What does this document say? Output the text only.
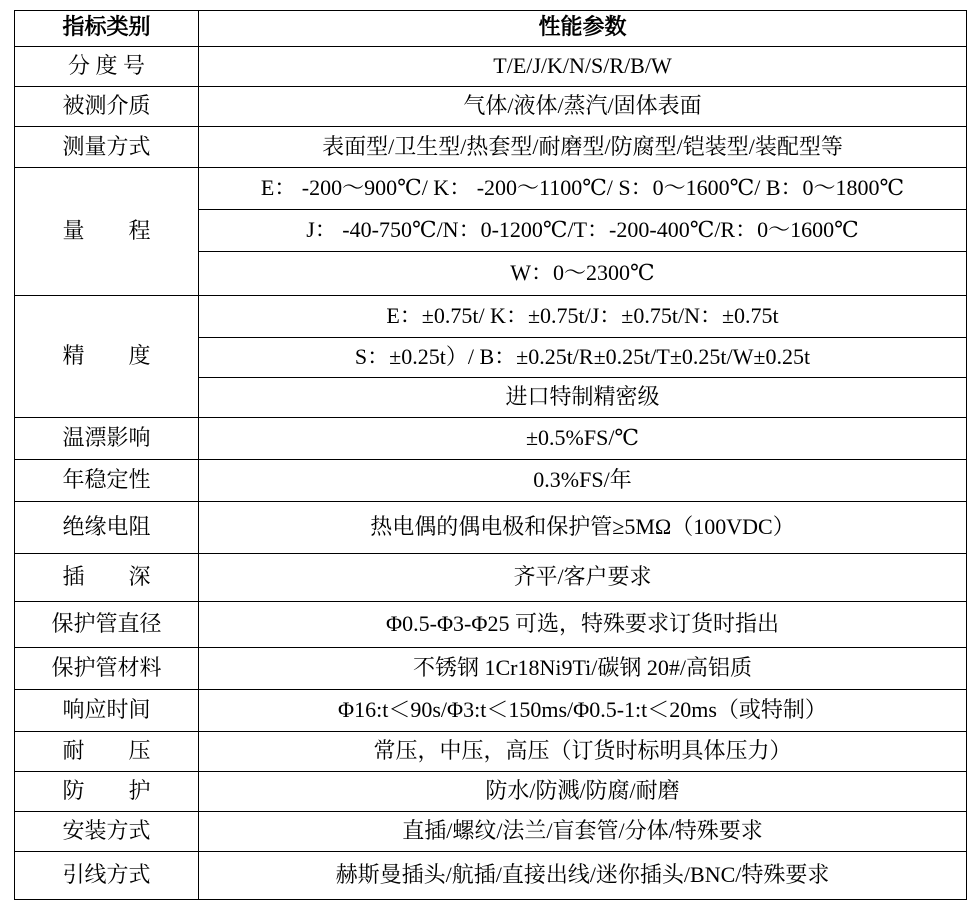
指标类别	性能参数
分 度 号	T/E/J/K/N/S/R/B/W
被测介质	气体/液体/蒸汽/固体表面
测量方式	表面型/卫生型/热套型/耐磨型/防腐型/铠装型/装配型等
量　　程	E： -200～900℃/ K： -200～1100℃/ S：0～1600℃/ B：0～1800℃
	J： -40-750℃/N：0-1200℃/T：-200-400℃/R：0～1600℃
	W：0～2300℃
精　　度	E：±0.75t/ K：±0.75t/J：±0.75t/N：±0.75t
	S：±0.25t）/ B：±0.25t/R±0.25t/T±0.25t/W±0.25t
	进口特制精密级
温漂影响	±0.5%FS/℃
年稳定性	0.3%FS/年
绝缘电阻	热电偶的偶电极和保护管≥5MΩ（100VDC）
插　　深	齐平/客户要求
保护管直径	Φ0.5-Φ3-Φ25 可选，特殊要求订货时指出
保护管材料	不锈钢 1Cr18Ni9Ti/碳钢 20#/高铝质
响应时间	Φ16:t＜90s/Φ3:t＜150ms/Φ0.5-1:t＜20ms（或特制）
耐　　压	常压，中压，高压（订货时标明具体压力）
防　　护	防水/防溅/防腐/耐磨
安装方式	直插/螺纹/法兰/盲套管/分体/特殊要求
引线方式	赫斯曼插头/航插/直接出线/迷你插头/BNC/特殊要求
